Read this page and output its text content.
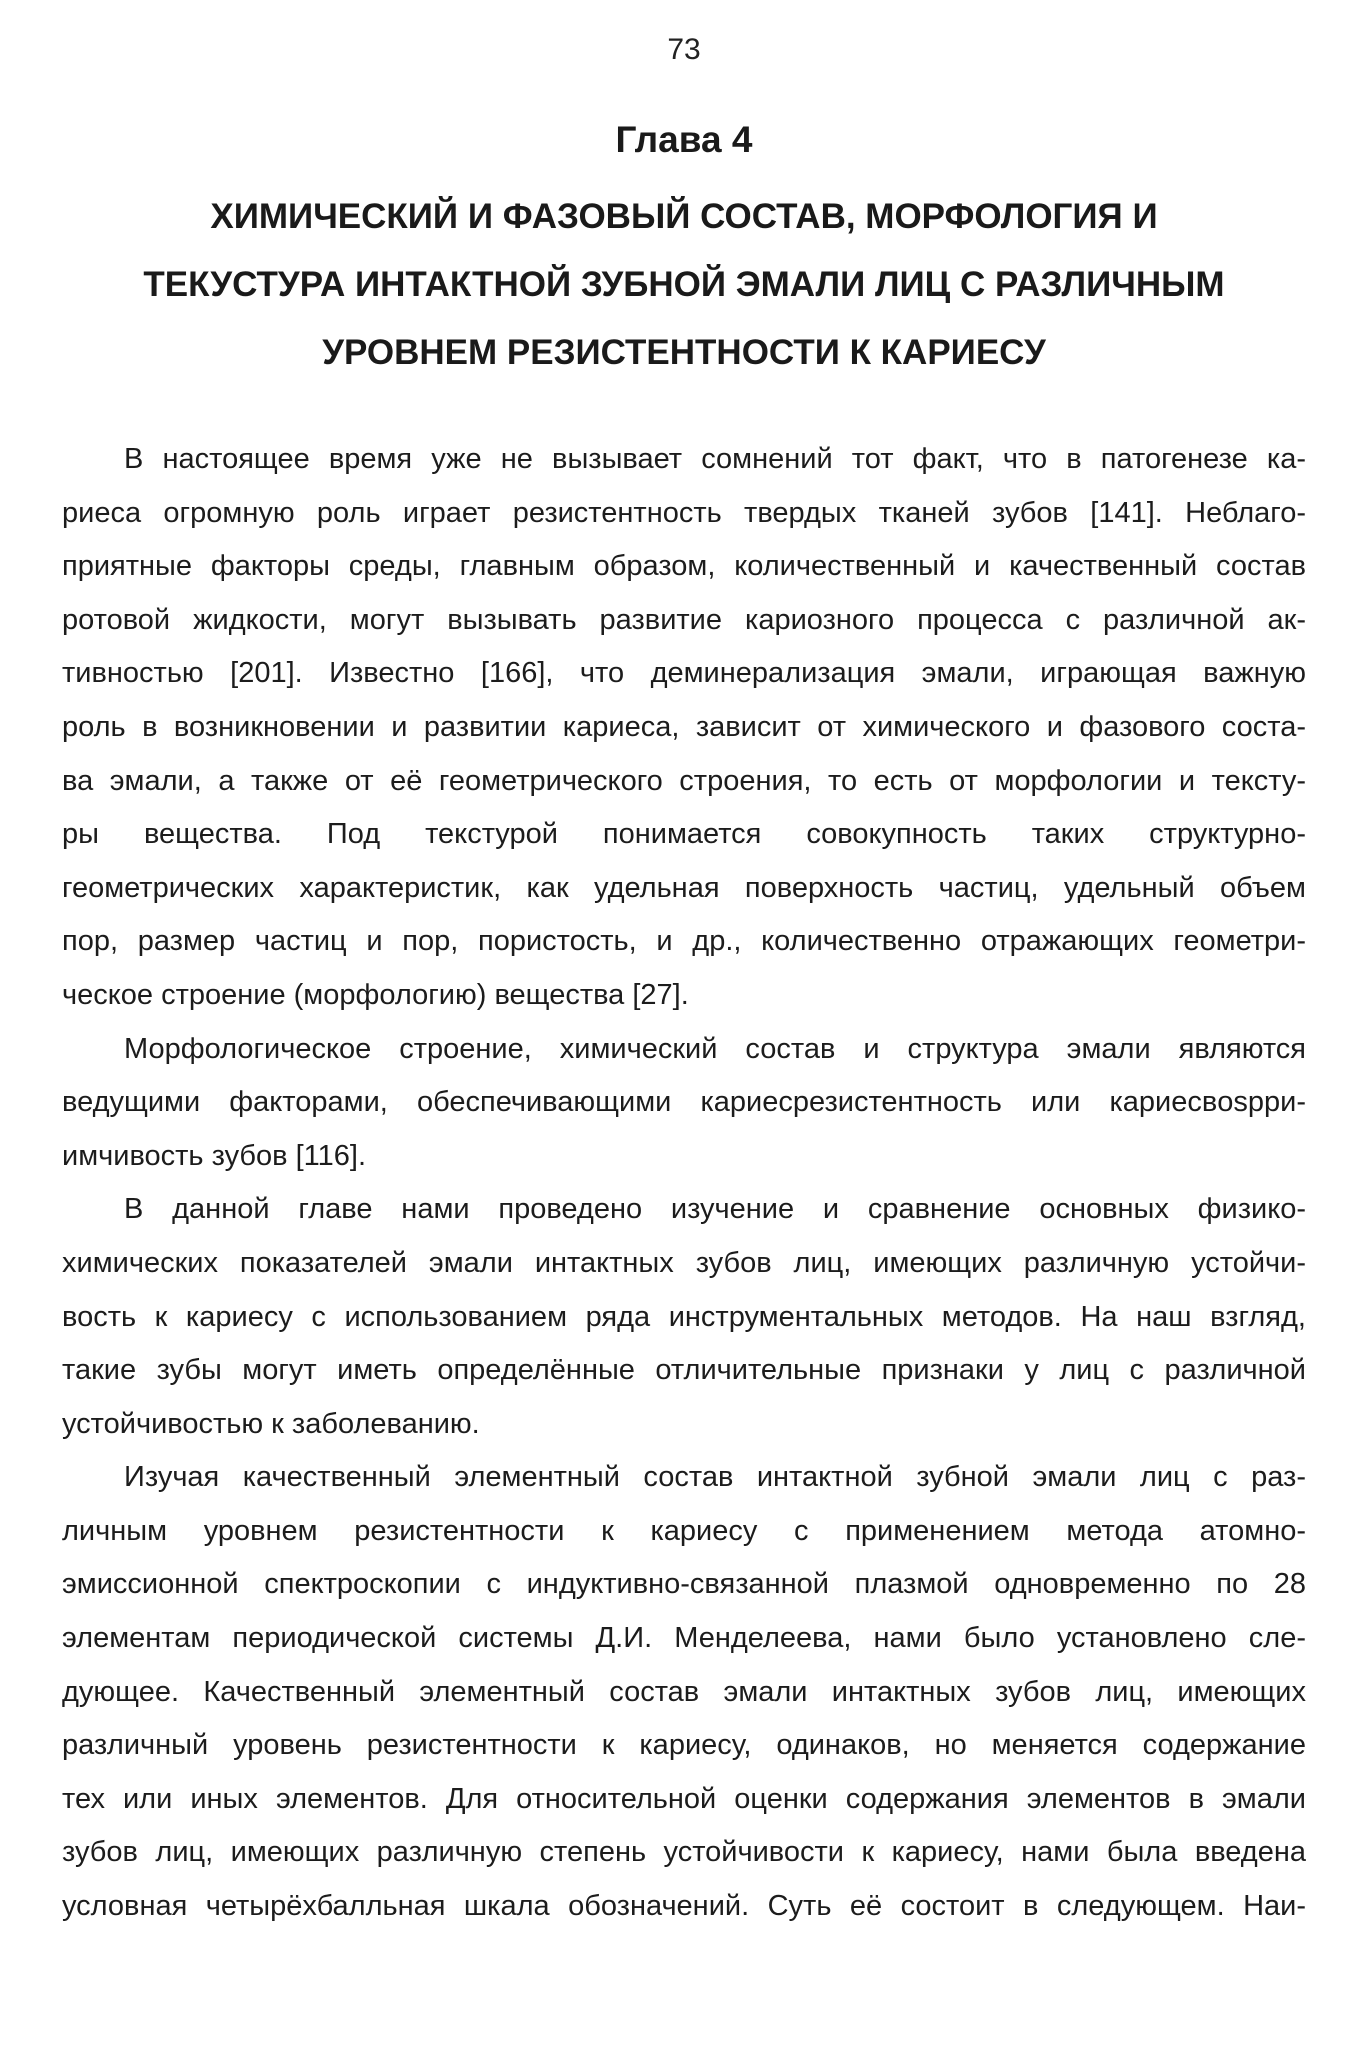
73
Глава 4
ХИМИЧЕСКИЙ И ФАЗОВЫЙ СОСТАВ, МОРФОЛОГИЯ И
ТЕКУСТУРА ИНТАКТНОЙ ЗУБНОЙ ЭМАЛИ ЛИЦ С РАЗЛИЧНЫМ
УРОВНЕМ РЕЗИСТЕНТНОСТИ К КАРИЕСУ

В настоящее время уже не вызывает сомнений тот факт, что в патогенезе ка-
риеса огромную роль играет резистентность твердых тканей зубов [141]. Неблаго-
приятные факторы среды, главным образом, количественный и качественный состав
ротовой жидкости, могут вызывать развитие кариозного процесса с различной ак-
тивностью [201]. Известно [166], что деминерализация эмали, играющая важную
роль в возникновении и развитии кариеса, зависит от химического и фазового соста-
ва эмали, а также от её геометрического строения, то есть от морфологии и тексту-
ры вещества. Под текстурой понимается совокупность таких структурно-
геометрических характеристик, как удельная поверхность частиц, удельный объем
пор, размер частиц и пор, пористость, и др., количественно отражающих геометри-
ческое строение (морфологию) вещества [27].

Морфологическое строение, химический состав и структура эмали являются
ведущими факторами, обеспечивающими кариесрезистентность или кариесвospри-
имчивость зубов [116].

В данной главе нами проведено изучение и сравнение основных физико-
химических показателей эмали интактных зубов лиц, имеющих различную устойчи-
вость к кариесу с использованием ряда инструментальных методов. На наш взгляд,
такие зубы могут иметь определённые отличительные признаки у лиц с различной
устойчивостью к заболеванию.

Изучая качественный элементный состав интактной зубной эмали лиц с раз-
личным уровнем резистентности к кариесу с применением метода атомно-
эмиссионной спектроскопии с индуктивно-связанной плазмой одновременно по 28
элементам периодической системы Д.И. Менделеева, нами было установлено сле-
дующее. Качественный элементный состав эмали интактных зубов лиц, имеющих
различный уровень резистентности к кариесу, одинаков, но меняется содержание
тех или иных элементов. Для относительной оценки содержания элементов в эмали
зубов лиц, имеющих различную степень устойчивости к кариесу, нами была введена
условная четырёхбалльная шкала обозначений. Суть её состоит в следующем. Наи-
